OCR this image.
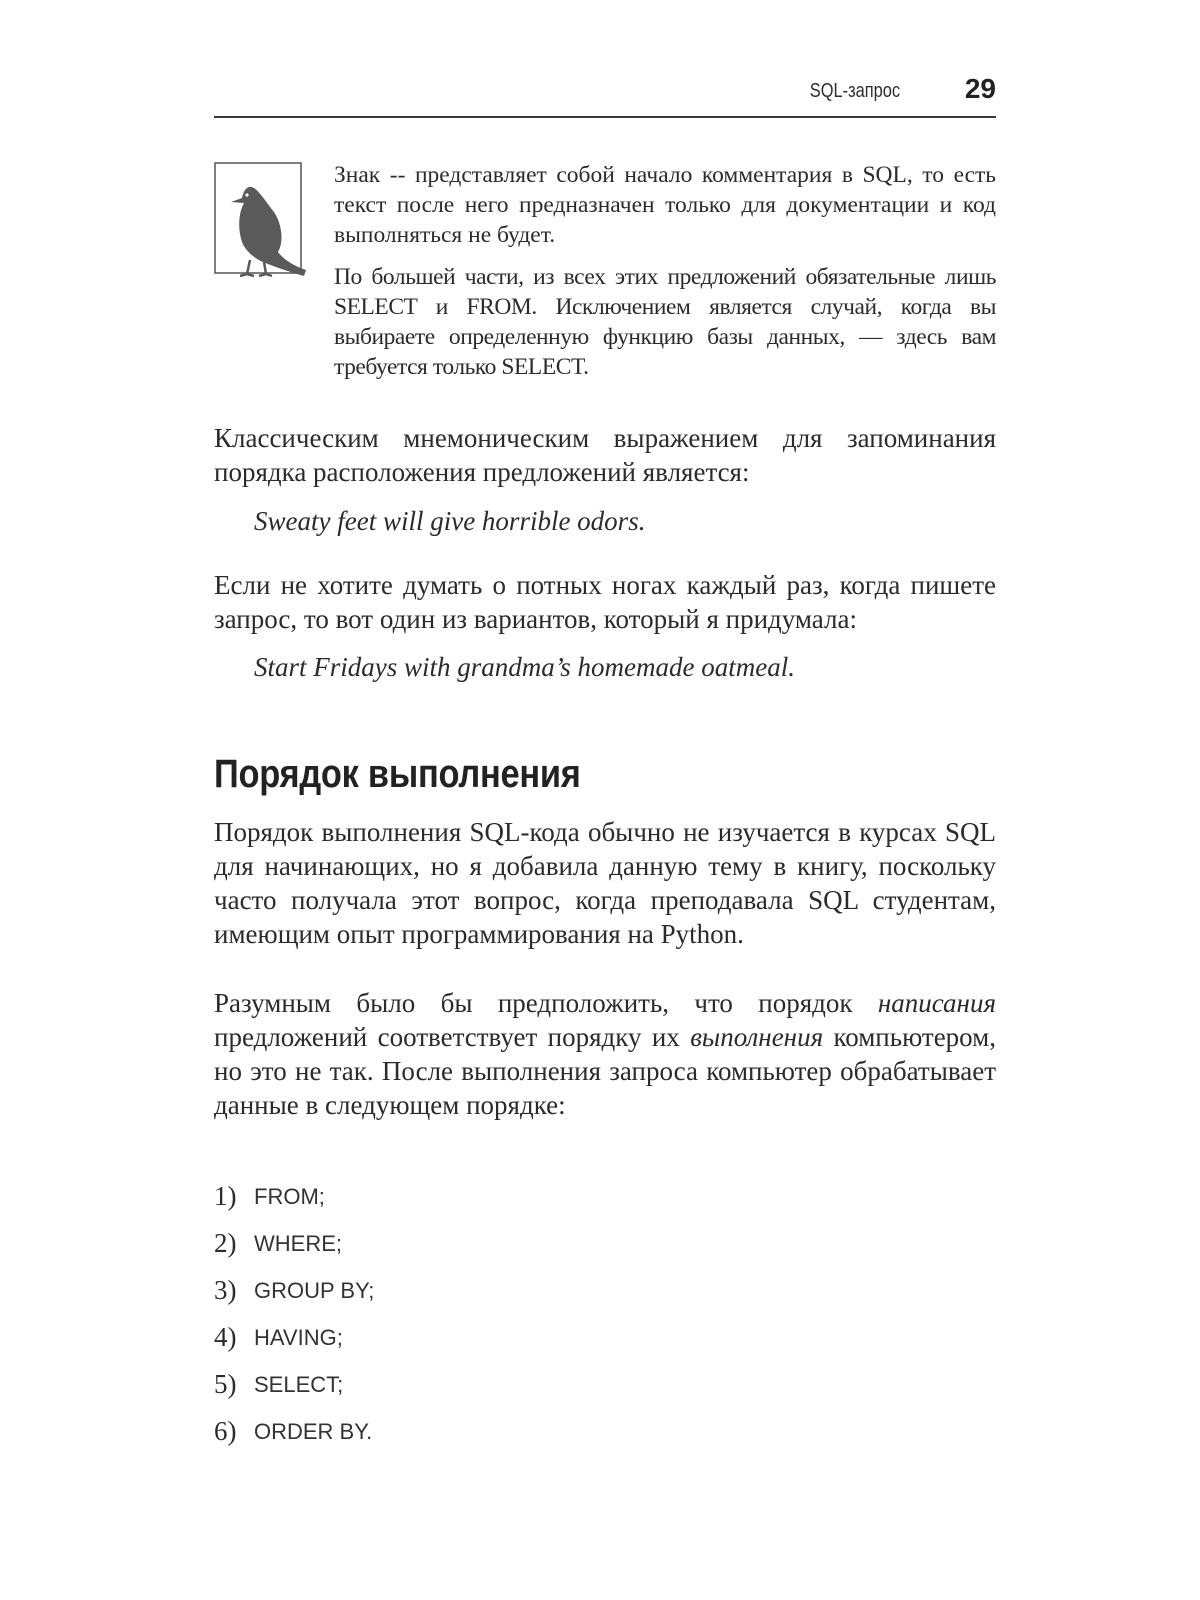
SQL-запрос 29

Знак -- представляет собой начало комментария в SQL, то есть текст после него предназначен только для документации и код выполняться не будет.

По большей части, из всех этих предложений обязательные лишь SELECT и FROM. Исключением является случай, когда вы выбираете определенную функцию базы данных, — здесь вам требуется только SELECT.

Классическим мнемоническим выражением для запоминания порядка расположения предложений является:

Sweaty feet will give horrible odors.

Если не хотите думать о потных ногах каждый раз, когда пишете запрос, то вот один из вариантов, который я придумала:

Start Fridays with grandma’s homemade oatmeal.

Порядок выполнения

Порядок выполнения SQL-кода обычно не изучается в курсах SQL для начинающих, но я добавила данную тему в книгу, поскольку часто получала этот вопрос, когда преподавала SQL студентам, имеющим опыт программирования на Python.

Разумным было бы предположить, что порядок написания предложений соответствует порядку их выполнения компьютером, но это не так. После выполнения запроса компьютер обрабатывает данные в следующем порядке:

1) FROM;
2) WHERE;
3) GROUP BY;
4) HAVING;
5) SELECT;
6) ORDER BY.
